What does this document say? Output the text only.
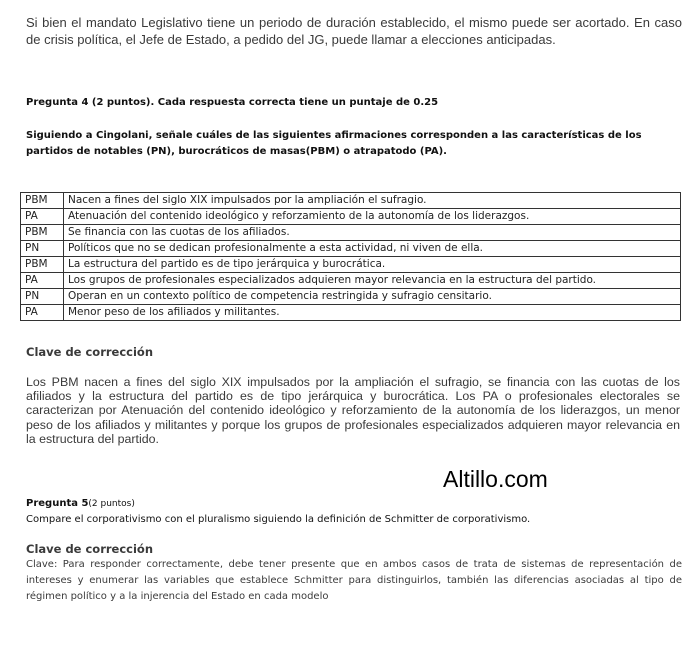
Si bien el mandato Legislativo tiene un periodo de duración establecido, el mismo puede ser acortado. En caso de crisis política, el Jefe de Estado, a pedido del JG, puede llamar a elecciones anticipadas.
Pregunta 4 (2 puntos). Cada respuesta correcta tiene un puntaje de 0.25
Siguiendo a Cingolani, señale cuáles de las siguientes afirmaciones corresponden a las características de los partidos de notables (PN), burocráticos de masas(PBM) o atrapatodo (PA).
PBM	Nacen a fines del siglo XIX impulsados por la ampliación el sufragio.
PA	Atenuación del contenido ideológico y reforzamiento de la autonomía de los liderazgos.
PBM	Se financia con las cuotas de los afiliados.
PN	Políticos que no se dedican profesionalmente a esta actividad, ni viven de ella.
PBM	La estructura del partido es de tipo jerárquica y burocrática.
PA	Los grupos de profesionales especializados adquieren mayor relevancia en la estructura del partido.
PN	Operan en un contexto político de competencia restringida y sufragio censitario.
PA	Menor peso de los afiliados y militantes.
Clave de corrección
Los PBM nacen a fines del siglo XIX impulsados por la ampliación el sufragio, se financia con las cuotas de los afiliados y la estructura del partido es de tipo jerárquica y burocrática. Los PA o profesionales electorales se caracterizan por Atenuación del contenido ideológico y reforzamiento de la autonomía de los liderazgos, un menor peso de los afiliados y militantes y porque los grupos de profesionales especializados adquieren mayor relevancia en la estructura del partido.
Altillo.com
Pregunta 5(2 puntos)
Compare el corporativismo con el pluralismo siguiendo la definición de Schmitter de corporativismo.
Clave de corrección
Clave: Para responder correctamente, debe tener presente que en ambos casos de trata de sistemas de representación de intereses y enumerar las variables que establece Schmitter para distinguirlos, también las diferencias asociadas al tipo de régimen político y a la injerencia del Estado en cada modelo
